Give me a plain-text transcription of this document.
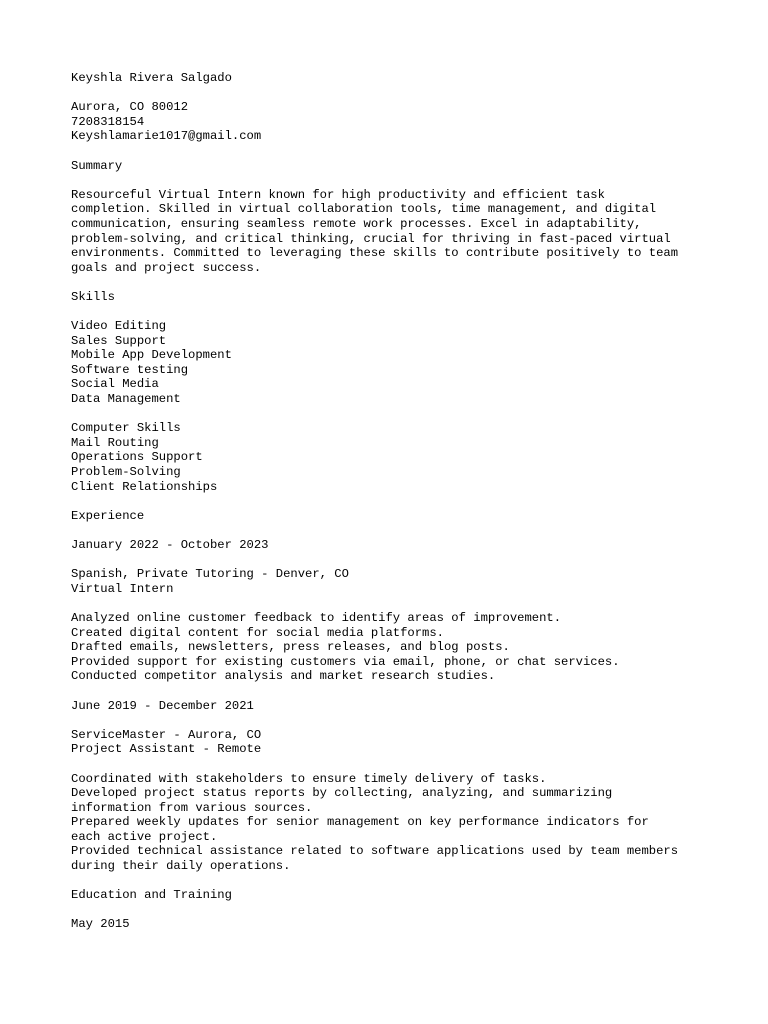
Keyshla Rivera Salgado
Aurora, CO 80012
7208318154
Keyshlamarie1017@gmail.com
Summary
Resourceful Virtual Intern known for high productivity and efficient task
completion. Skilled in virtual collaboration tools, time management, and digital
communication, ensuring seamless remote work processes. Excel in adaptability,
problem-solving, and critical thinking, crucial for thriving in fast-paced virtual
environments. Committed to leveraging these skills to contribute positively to team
goals and project success.
Skills
Video Editing
Sales Support
Mobile App Development
Software testing
Social Media
Data Management
Computer Skills
Mail Routing
Operations Support
Problem-Solving
Client Relationships
Experience
January 2022 - October 2023
Spanish, Private Tutoring - Denver, CO
Virtual Intern
Analyzed online customer feedback to identify areas of improvement.
Created digital content for social media platforms.
Drafted emails, newsletters, press releases, and blog posts.
Provided support for existing customers via email, phone, or chat services.
Conducted competitor analysis and market research studies.
June 2019 - December 2021
ServiceMaster - Aurora, CO
Project Assistant - Remote
Coordinated with stakeholders to ensure timely delivery of tasks.
Developed project status reports by collecting, analyzing, and summarizing
information from various sources.
Prepared weekly updates for senior management on key performance indicators for
each active project.
Provided technical assistance related to software applications used by team members
during their daily operations.
Education and Training
May 2015
